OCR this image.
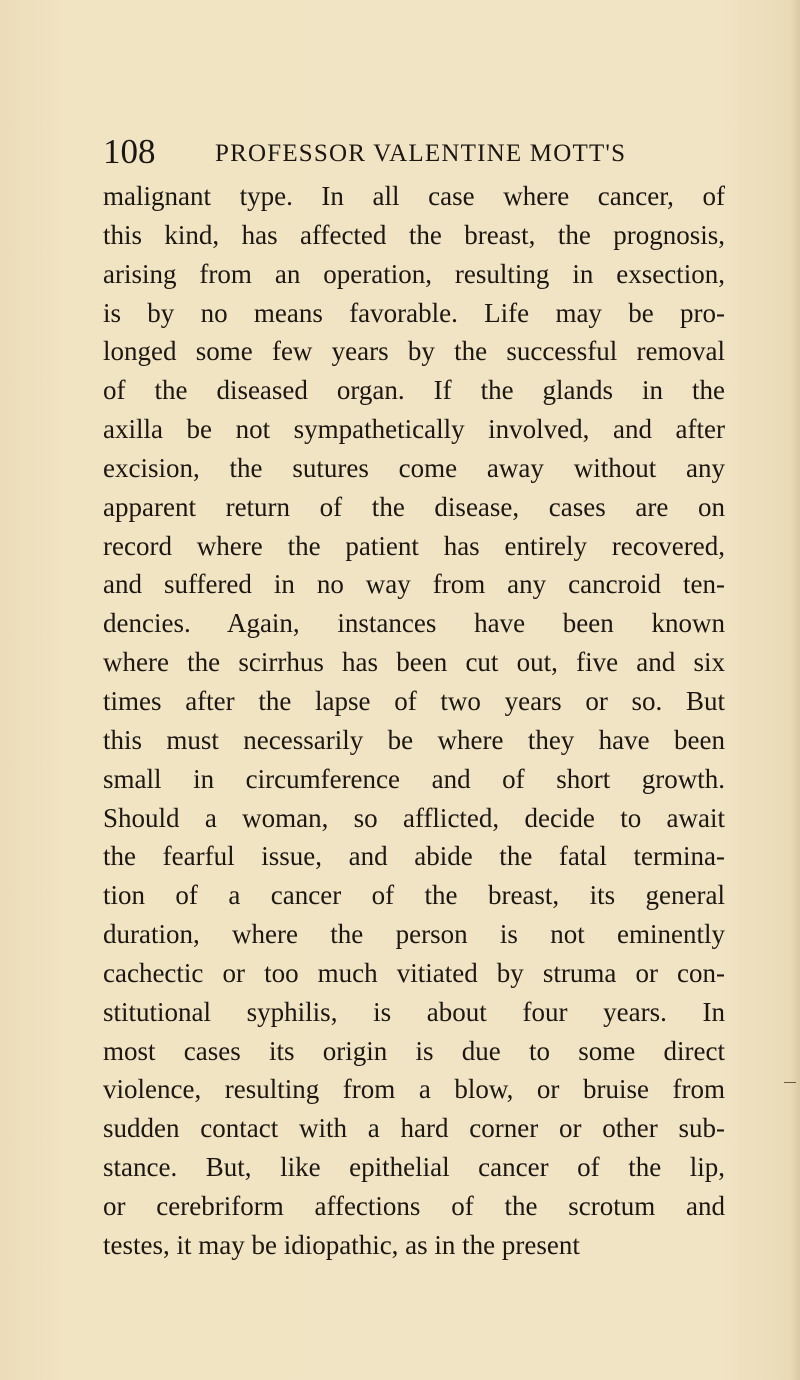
108 PROFESSOR VALENTINE MOTT'S
malignant type. In all case where cancer, of
this kind, has affected the breast, the prognosis,
arising from an operation, resulting in exsection,
is by no means favorable. Life may be pro-
longed some few years by the successful removal
of the diseased organ. If the glands in the
axilla be not sympathetically involved, and after
excision, the sutures come away without any
apparent return of the disease, cases are on
record where the patient has entirely recovered,
and suffered in no way from any cancroid ten-
dencies. Again, instances have been known
where the scirrhus has been cut out, five and six
times after the lapse of two years or so. But
this must necessarily be where they have been
small in circumference and of short growth.
Should a woman, so afflicted, decide to await
the fearful issue, and abide the fatal termina-
tion of a cancer of the breast, its general
duration, where the person is not eminently
cachectic or too much vitiated by struma or con-
stitutional syphilis, is about four years. In
most cases its origin is due to some direct
violence, resulting from a blow, or bruise from
sudden contact with a hard corner or other sub-
stance. But, like epithelial cancer of the lip,
or cerebriform affections of the scrotum and
testes, it may be idiopathic, as in the present
